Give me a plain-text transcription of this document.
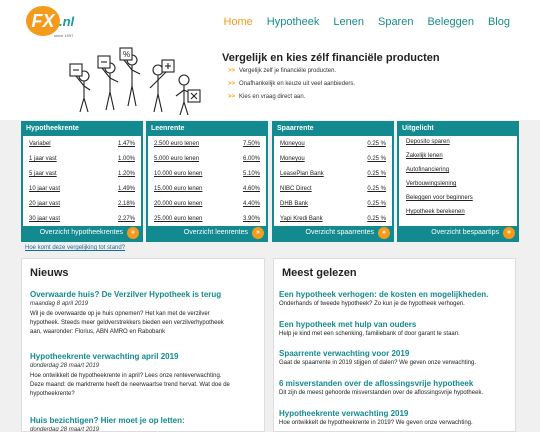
FX .nl
since 1997
Home Hypotheek Lenen Sparen Beleggen Blog
%	Vergelijk en kies zélf financiële producten
>> Vergelijk zelf je financiële producten.
>> Onafhankelijk en keuze uit veel aanbieders.
>> Kies en vraag direct aan.
Hypotheekrente
Variabel	1.47%
1 jaar vast	1.00%
5 jaar vast	1.20%
10 jaar vast	1.49%
20 jaar vast	2.18%
30 jaar vast	2.27%
Overzicht hypotheekrentes	»
Leenrente
2.500 euro lenen	7.50%
5.000 euro lenen	6.00%
10.000 euro lenen	5.10%
15.000 euro lenen	4.60%
20.000 euro lenen	4.40%
25.000 euro lenen	3.90%
Overzicht leenrentes	»
Spaarrente
Moneyou	0.25 %
Moneyou	0.25 %
LeasePlan Bank	0.25 %
NIBC Direct	0.25 %
DHB Bank	0.25 %
Yapi Kredi Bank	0.25 %
Overzicht spaarrentes	»
Uitgelicht
Deposito sparen
Zakelijk lenen
Autofinanciering
Verbouwingslening
Beleggen voor beginners
Hypotheek berekenen
Overzicht bespaartips	»
Hoe komt deze vergelijking tot stand?
Nieuws
Overwaarde huis? De Verzilver Hypotheek is terug
maandag 8 april 2019
Wil je de overwaarde op je huis opnemen? Het kan met de verzilver
hypotheek. Steeds meer geldverstrekkers bieden een verzilverhypotheek
aan, waaronder: Florius, ABN AMRO en Rabobank
Hypotheekrente verwachting april 2019
donderdag 28 maart 2019
Hoe ontwikkelt de hypotheekrente in april? Lees onze renteverwachting.
Deze maand: de marktrente heeft de neerwaartse trend hervat. Wat doe de
hypotheekrente?
Huis bezichtigen? Hier moet je op letten:
donderdag 28 maart 2019
Meest gelezen
Een hypotheek verhogen: de kosten en mogelijkheden.
Onderhands of tweede hypotheek? Zo kun je de hypotheek verhogen.
Een hypotheek met hulp van ouders
Help je kind met een schenking, familiebank of door garant te staan.
Spaarrente verwachting voor 2019
Gaat de spaarrente in 2019 stijgen of dalen? We geven onze verwachting.
6 misverstanden over de aflossingsvrije hypotheek
Dit zijn de meest gehoorde misverstanden over de aflossingsvrije hypotheek.
Hypotheekrente verwachting 2019
Hoe ontwikkelt de hypotheekrente in 2019? We geven onze verwachting.
